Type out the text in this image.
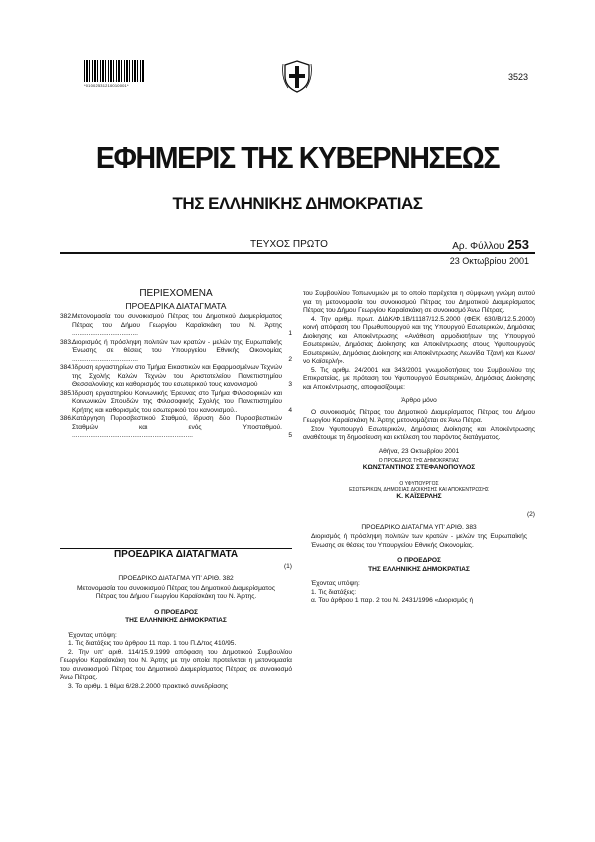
*01002531210010001*
3523
ΕΦΗΜΕΡΙΣ ΤΗΣ ΚΥΒΕΡΝΗΣΕΩΣ
ΤΗΣ ΕΛΛΗΝΙΚΗΣ ΔΗΜΟΚΡΑΤΙΑΣ
ΤΕΥΧΟΣ ΠΡΩΤΟ	Αρ. Φύλλου 253
23 Οκτωβρίου 2001
ΠΕΡΙΕΧΟΜΕΝΑ
ΠΡΟΕΔΡΙΚΑ ΔΙΑΤΑΓΜΑΤΑ
382. Μετονομασία του συνοικισμού Πέτρας του Δημοτικού Διαμερίσματος Πέτρας του Δήμου Γεωργίου Καραϊσκάκη του Ν. Άρτης ....................................	1
383. Διορισμός ή πρόσληψη πολιτών των κρατών - μελών της Ευρωπαϊκής Ένωσης σε θέσεις του Υπουργείου Εθνικής Οικονομίας ....................................	2
384. Ίδρυση εργαστηρίων στο Τμήμα Εικαστικών και Εφαρμοσμένων Τεχνών της Σχολής Καλών Τεχνών του Αριστοτελείου Πανεπιστημίου Θεσσαλονίκης και καθορισμός του εσωτερικού τους κανονισμού	3
385. Ίδρυση εργαστηρίου Κοινωνικής Έρευνας στο Τμήμα Φιλοσοφικών και Κοινωνικών Σπουδών της Φιλοσοφικής Σχολής του Πανεπιστημίου Κρήτης και καθορισμός του εσωτερικού του κανονισμού..	4
386. Κατάργηση Πυροσβεστικού Σταθμού, ίδρυση δύο Πυροσβεστικών Σταθμών και ενός Υποσταθμού. ..................................................................	5
ΠΡΟΕΔΡΙΚΑ ΔΙΑΤΑΓΜΑΤΑ
(1)
ΠΡΟΕΔΡΙΚΟ ΔΙΑΤΑΓΜΑ ΥΠ' ΑΡΙΘ. 382
Μετονομασία του συνοικισμού Πέτρας του Δημοτικού Διαμερίσματος Πέτρας του Δήμου Γεωργίου Καραϊσκάκη του Ν. Άρτης.
Ο ΠΡΟΕΔΡΟΣ
ΤΗΣ ΕΛΛΗΝΙΚΗΣ ΔΗΜΟΚΡΑΤΙΑΣ
Έχοντας υπόψη:
1. Τις διατάξεις του άρθρου 11 παρ. 1 του Π.Δ/τος 410/95.
2. Την υπ' αριθ. 114/15.9.1999 απόφαση του Δημοτικού Συμβουλίου Γεωργίου Καραϊσκάκη του Ν. Άρτης με την οποία προτείνεται η μετονομασία του συνοικισμού Πέτρας του Δημοτικού Διαμερίσματος Πέτρας σε συνοικισμό Άνω Πέτρας.
3. Το αριθμ. 1 θέμα 6/28.2.2000 πρακτικό συνεδρίασης
του Συμβουλίου Τοπωνυμιών με το οποίο παρέχεται η σύμφωνη γνώμη αυτού για τη μετονομασία του συνοικισμού Πέτρας του Δημοτικού Διαμερίσματος Πέτρας του Δήμου Γεωργίου Καραϊσκάκη σε συνοικισμό Άνω Πέτρας.
4. Την αριθμ. πρωτ. ΔΙΔΚ/Φ.1Β/11187/12.5.2000 (ΦΕΚ 630/Β/12.5.2000) κοινή απόφαση του Πρωθυπουργού και της Υπουργού Εσωτερικών, Δημόσιας Διοίκησης και Αποκέντρωσης «Ανάθεση αρμοδιοτήτων της Υπουργού Εσωτερικών, Δημόσιας Διοίκησης και Αποκέντρωσης στους Υφυπουργούς Εσωτερικών, Δημόσιας Διοίκησης και Αποκέντρωσης Λεωνίδα Τζανή και Κωνσ/νο Καϊσερλή».
5. Τις αριθμ. 24/2001 και 343/2001 γνωμοδοτήσεις του Συμβουλίου της Επικρατείας, με πρόταση του Υφυπουργού Εσωτερικών, Δημόσιας Διοίκησης και Αποκέντρωσης, αποφασίζουμε:
Άρθρο μόνο
Ο συνοικισμός Πέτρας του Δημοτικού Διαμερίσματος Πέτρας του Δήμου Γεωργίου Καραϊσκάκη Ν. Άρτης μετονομάζεται σε Άνω Πέτρα.
Στον Υφυπουργό Εσωτερικών, Δημόσιας Διοίκησης και Αποκέντρωσης αναθέτουμε τη δημοσίευση και εκτέλεση του παρόντος διατάγματος.
Αθήνα, 23 Οκτωβρίου 2001
Ο ΠΡΟΕΔΡΟΣ ΤΗΣ ΔΗΜΟΚΡΑΤΙΑΣ
ΚΩΝΣΤΑΝΤΙΝΟΣ ΣΤΕΦΑΝΟΠΟΥΛΟΣ
Ο ΥΦΥΠΟΥΡΓΟΣ
ΕΣΩΤΕΡΙΚΩΝ, ΔΗΜΟΣΙΑΣ ΔΙΟΙΚΗΣΗΣ ΚΑΙ ΑΠΟΚΕΝΤΡΩΣΗΣ
Κ. ΚΑΪΣΕΡΛΗΣ
(2)
ΠΡΟΕΔΡΙΚΟ ΔΙΑΤΑΓΜΑ ΥΠ' ΑΡΙΘ. 383
Διορισμός ή πρόσληψη πολιτών των κρατών - μελών της Ευρωπαϊκής Ένωσης σε θέσεις του Υπουργείου Εθνικής Οικονομίας.
Ο ΠΡΟΕΔΡΟΣ
ΤΗΣ ΕΛΛΗΝΙΚΗΣ ΔΗΜΟΚΡΑΤΙΑΣ
Έχοντας υπόψη:
1. Τις διατάξεις:
α. Του άρθρου 1 παρ. 2 του Ν. 2431/1996 «Διορισμός ή
